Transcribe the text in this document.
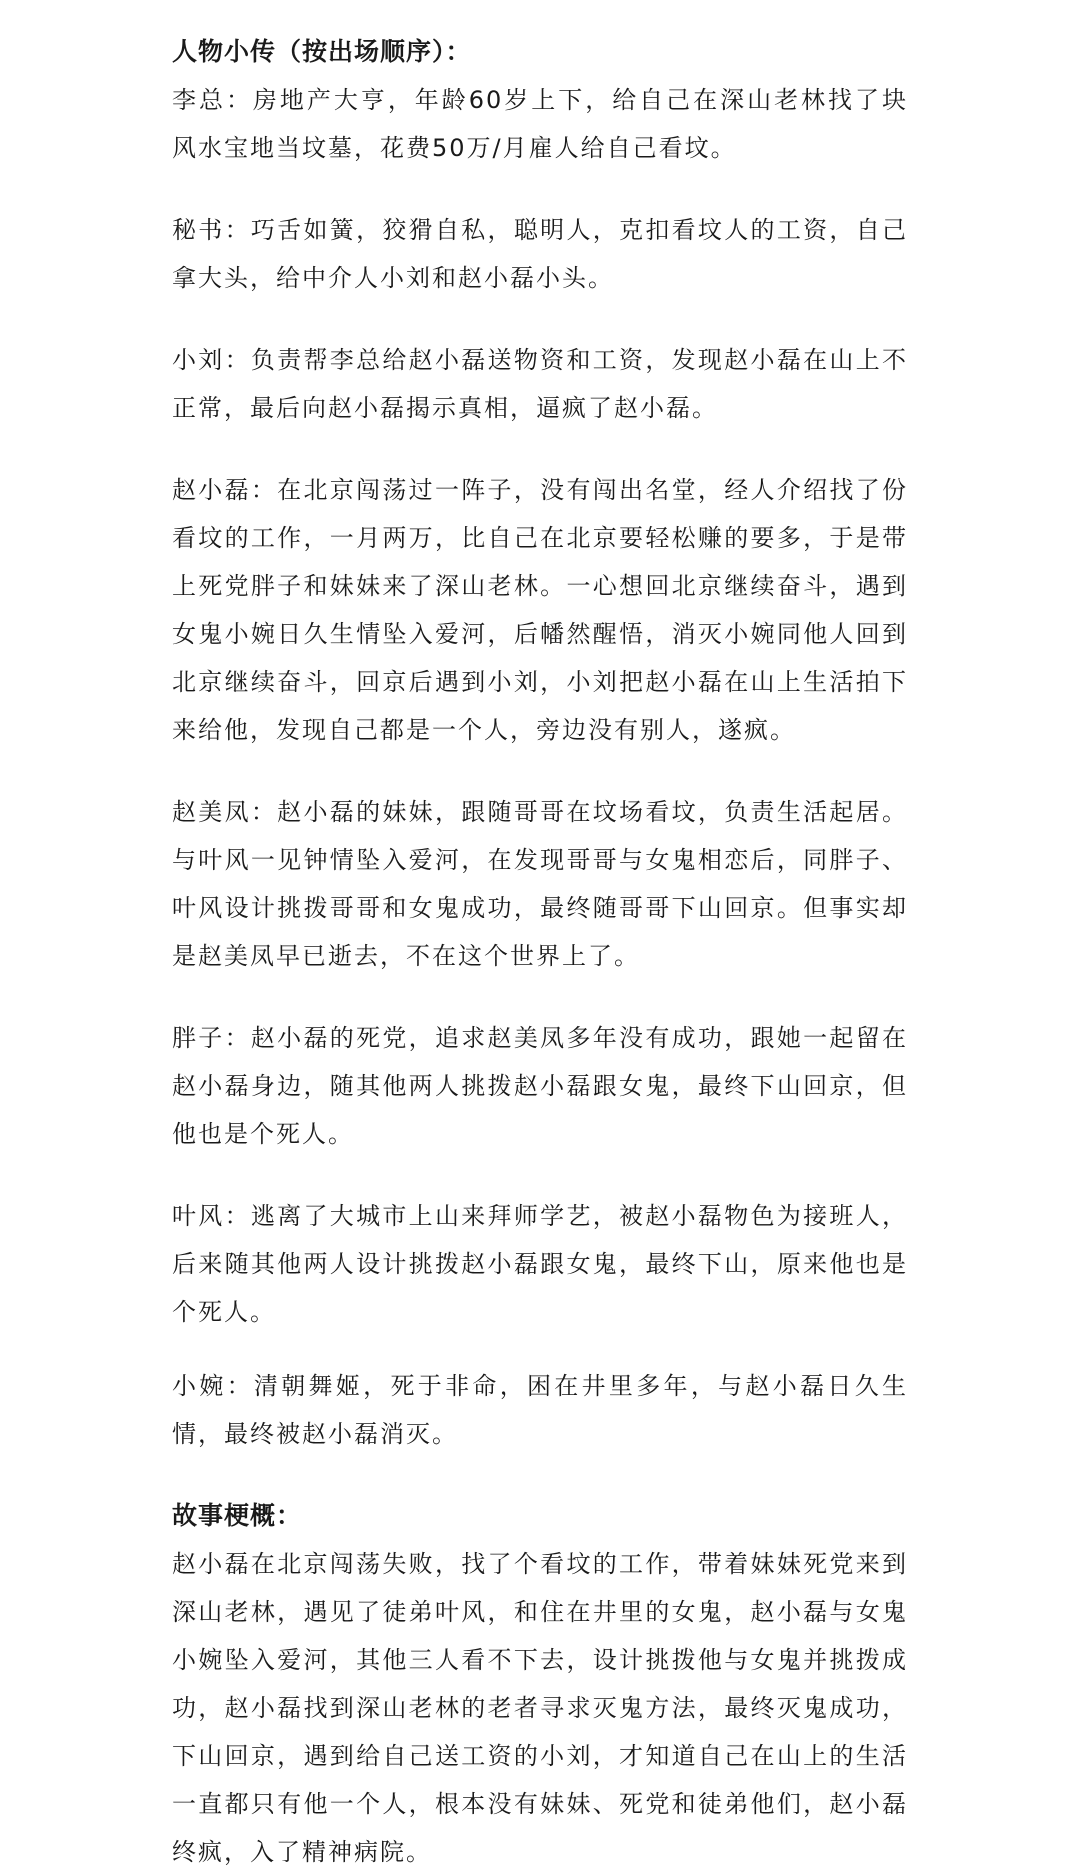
人物小传（按出场顺序）：

李总：房地产大亨，年龄60岁上下，给自己在深山老林找了块风水宝地当坟墓，花费50万/月雇人给自己看坟。

秘书：巧舌如簧，狡猾自私，聪明人，克扣看坟人的工资，自己拿大头，给中介人小刘和赵小磊小头。

小刘：负责帮李总给赵小磊送物资和工资，发现赵小磊在山上不正常，最后向赵小磊揭示真相，逼疯了赵小磊。

赵小磊：在北京闯荡过一阵子，没有闯出名堂，经人介绍找了份看坟的工作，一月两万，比自己在北京要轻松赚的要多，于是带上死党胖子和妹妹来了深山老林。一心想回北京继续奋斗，遇到女鬼小婉日久生情坠入爱河，后幡然醒悟，消灭小婉同他人回到北京继续奋斗，回京后遇到小刘，小刘把赵小磊在山上生活拍下来给他，发现自己都是一个人，旁边没有别人，遂疯。

赵美凤：赵小磊的妹妹，跟随哥哥在坟场看坟，负责生活起居。与叶风一见钟情坠入爱河，在发现哥哥与女鬼相恋后，同胖子、叶风设计挑拨哥哥和女鬼成功，最终随哥哥下山回京。但事实却是赵美凤早已逝去，不在这个世界上了。

胖子：赵小磊的死党，追求赵美凤多年没有成功，跟她一起留在赵小磊身边，随其他两人挑拨赵小磊跟女鬼，最终下山回京，但他也是个死人。

叶风：逃离了大城市上山来拜师学艺，被赵小磊物色为接班人，后来随其他两人设计挑拨赵小磊跟女鬼，最终下山，原来他也是个死人。

小婉：清朝舞姬，死于非命，困在井里多年，与赵小磊日久生情，最终被赵小磊消灭。

故事梗概：

赵小磊在北京闯荡失败，找了个看坟的工作，带着妹妹死党来到深山老林，遇见了徒弟叶风，和住在井里的女鬼，赵小磊与女鬼小婉坠入爱河，其他三人看不下去，设计挑拨他与女鬼并挑拨成功，赵小磊找到深山老林的老者寻求灭鬼方法，最终灭鬼成功，下山回京，遇到给自己送工资的小刘，才知道自己在山上的生活一直都只有他一个人，根本没有妹妹、死党和徒弟他们，赵小磊终疯，入了精神病院。
